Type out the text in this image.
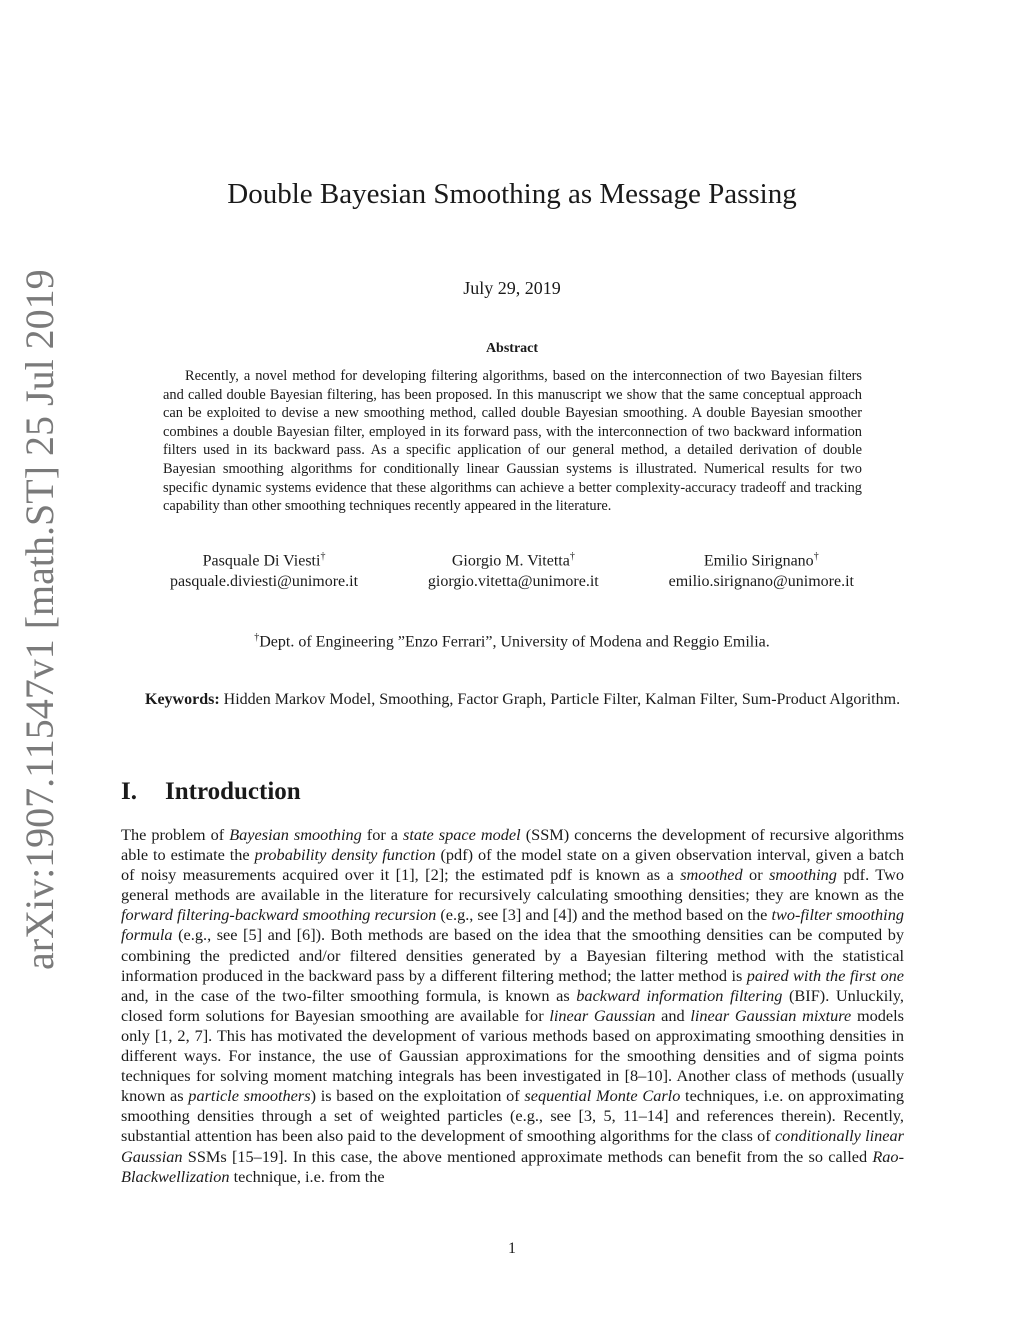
arXiv:1907.11547v1 [math.ST] 25 Jul 2019
Double Bayesian Smoothing as Message Passing
July 29, 2019
Abstract

Recently, a novel method for developing filtering algorithms, based on the interconnection of two Bayesian filters and called double Bayesian filtering, has been proposed. In this manuscript we show that the same conceptual approach can be exploited to devise a new smoothing method, called double Bayesian smoothing. A double Bayesian smoother combines a double Bayesian filter, employed in its forward pass, with the interconnection of two backward information filters used in its backward pass. As a specific application of our general method, a detailed derivation of double Bayesian smoothing algorithms for conditionally linear Gaussian systems is illustrated. Numerical results for two specific dynamic systems evidence that these algorithms can achieve a better complexity-accuracy tradeoff and tracking capability than other smoothing techniques recently appeared in the literature.

Pasquale Di Viesti†
pasquale.diviesti@unimore.it
Giorgio M. Vitetta†
giorgio.vitetta@unimore.it
Emilio Sirignano†
emilio.sirignano@unimore.it
†Dept. of Engineering ”Enzo Ferrari”, University of Modena and Reggio Emilia.

Keywords: Hidden Markov Model, Smoothing, Factor Graph, Particle Filter, Kalman Filter, Sum-Product Algorithm.

I. Introduction

The problem of Bayesian smoothing for a state space model (SSM) concerns the development of recursive algorithms able to estimate the probability density function (pdf) of the model state on a given observation interval, given a batch of noisy measurements acquired over it [1], [2]; the estimated pdf is known as a smoothed or smoothing pdf. Two general methods are available in the literature for recursively calculating smoothing densities; they are known as the forward filtering-backward smoothing recursion (e.g., see [3] and [4]) and the method based on the two-filter smoothing formula (e.g., see [5] and [6]). Both methods are based on the idea that the smoothing densities can be computed by combining the predicted and/or filtered densities generated by a Bayesian filtering method with the statistical information produced in the backward pass by a different filtering method; the latter method is paired with the first one and, in the case of the two-filter smoothing formula, is known as backward information filtering (BIF). Unluckily, closed form solutions for Bayesian smoothing are available for linear Gaussian and linear Gaussian mixture models only [1, 2, 7]. This has motivated the development of various methods based on approximating smoothing densities in different ways. For instance, the use of Gaussian approximations for the smoothing densities and of sigma points techniques for solving moment matching integrals has been investigated in [8–10]. Another class of methods (usually known as particle smoothers) is based on the exploitation of sequential Monte Carlo techniques, i.e. on approximating smoothing densities through a set of weighted particles (e.g., see [3, 5, 11–14] and references therein). Recently, substantial attention has been also paid to the development of smoothing algorithms for the class of conditionally linear Gaussian SSMs [15–19]. In this case, the above mentioned approximate methods can benefit from the so called Rao-Blackwellization technique, i.e. from the

1
